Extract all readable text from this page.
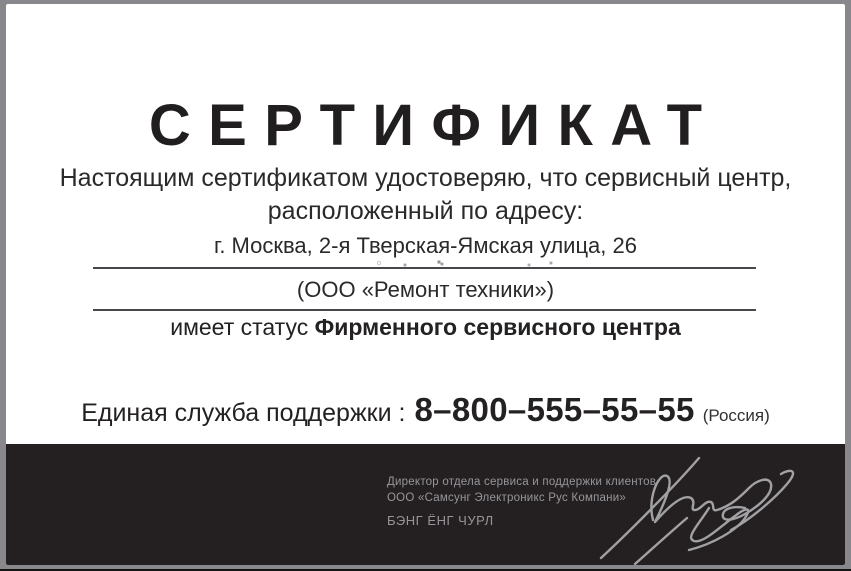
СЕРТИФИКАТ
Настоящим сертификатом удостоверяю, что сервисный центр,
расположенный по адресу:
г. Москва, 2-я Тверская-Ямская улица, 26
(ООО «Ремонт техники»)
имеет статус Фирменного сервисного центра
Единая служба поддержки : 8–800–555–55–55 (Россия)
Директор отдела сервиса и поддержки клиентов
ООО «Самсунг Электроникс Рус Компани»
БЭНГ ЁНГ ЧУРЛ
